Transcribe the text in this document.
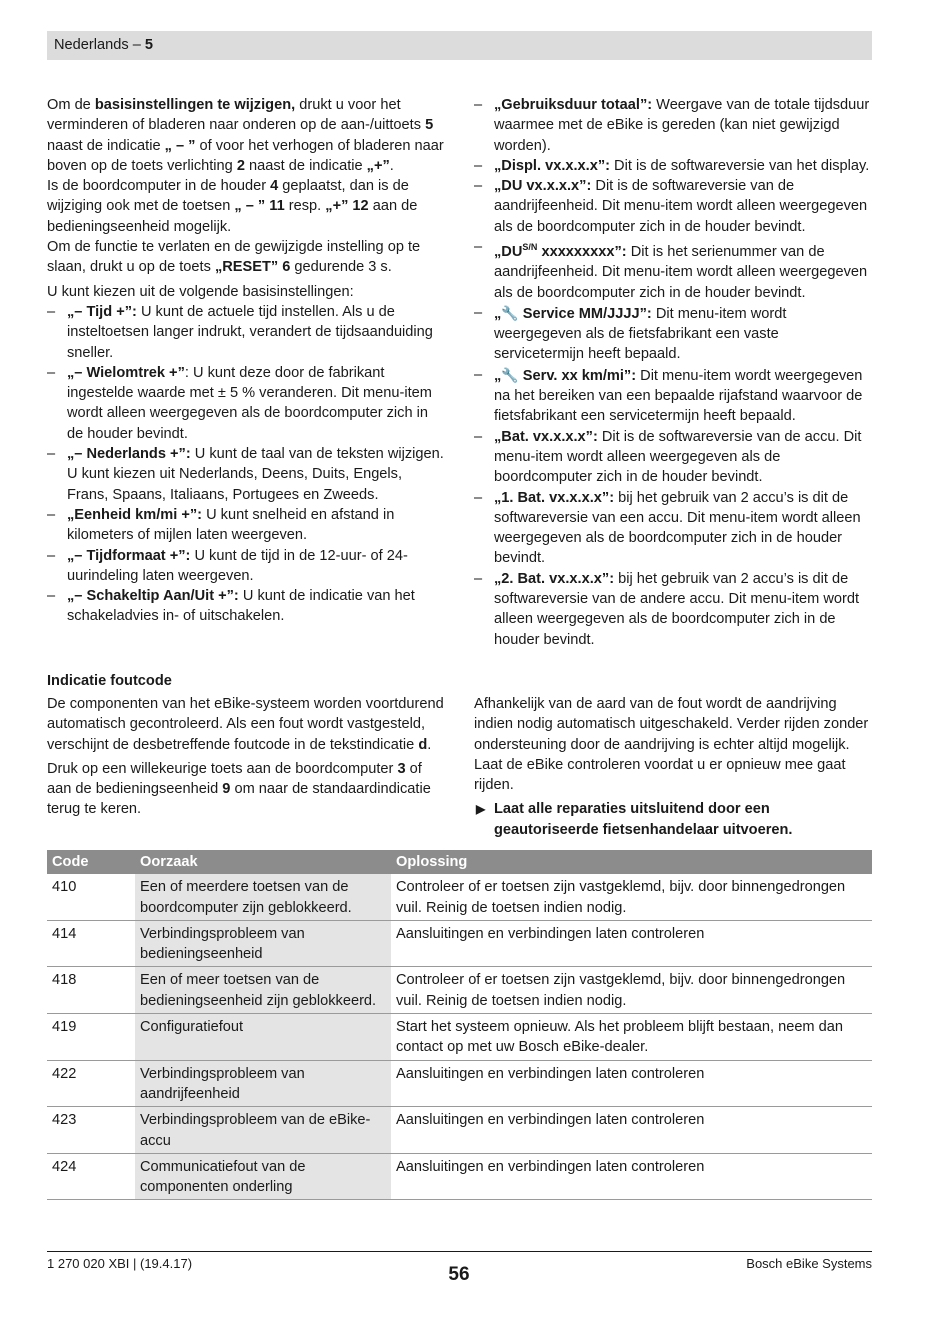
Nederlands – 5

Om de basisinstellingen te wijzigen, drukt u voor het verminderen of bladeren naar onderen op de aan-/uittoets 5 naast de indicatie „ – ” of voor het verhogen of bladeren naar boven op de toets verlichting 2 naast de indicatie „+”.

Is de boordcomputer in de houder 4 geplaatst, dan is de wijziging ook met de toetsen „ – ” 11 resp. „+” 12 aan de bedieningseenheid mogelijk.

Om de functie te verlaten en de gewijzigde instelling op te slaan, drukt u op de toets „RESET” 6 gedurende 3 s.

U kunt kiezen uit de volgende basisinstellingen:

– „– Tijd +”: U kunt de actuele tijd instellen. Als u de insteltoetsen langer indrukt, verandert de tijdsaanduiding sneller.

– „– Wielomtrek +”: U kunt deze door de fabrikant ingestelde waarde met ± 5 % veranderen. Dit menu-item wordt alleen weergegeven als de boordcomputer zich in de houder bevindt.

– „– Nederlands +”: U kunt de taal van de teksten wijzigen. U kunt kiezen uit Nederlands, Deens, Duits, Engels, Frans, Spaans, Italiaans, Portugees en Zweeds.

– „Eenheid km/mi +”: U kunt snelheid en afstand in kilometers of mijlen laten weergeven.

– „– Tijdformaat +”: U kunt de tijd in de 12-uur- of 24-uurindeling laten weergeven.

– „– Schakeltip Aan/Uit +”: U kunt de indicatie van het schakeladvies in- of uitschakelen.

– „Gebruiksduur totaal”: Weergave van de totale tijdsduur waarmee met de eBike is gereden (kan niet gewijzigd worden).

– „Displ. vx.x.x.x”: Dit is de softwareversie van het display.

– „DU vx.x.x.x”: Dit is de softwareversie van de aandrijfeenheid. Dit menu-item wordt alleen weergegeven als de boordcomputer zich in de houder bevindt.

– $„DU^{S/N}$ xxxxxxxxx”: Dit is het serienummer van de aandrijfeenheid. Dit menu-item wordt alleen weergegeven als de boordcomputer zich in de houder bevindt.

– „🔧 Service MM/JJJJ”: Dit menu-item wordt weergegeven als de fietsfabrikant een vaste servicetermijn heeft bepaald.

– „🔧 Serv. xx km/mi”: Dit menu-item wordt weergegeven na het bereiken van een bepaalde rijafstand waarvoor de fietsfabrikant een servicetermijn heeft bepaald.

– „Bat. vx.x.x.x”: Dit is de softwareversie van de accu. Dit menu-item wordt alleen weergegeven als de boordcomputer zich in de houder bevindt.

– „1. Bat. vx.x.x.x”: bij het gebruik van 2 accu’s is dit de softwareversie van een accu. Dit menu-item wordt alleen weergegeven als de boordcomputer zich in de houder bevindt.

– „2. Bat. vx.x.x.x”: bij het gebruik van 2 accu’s is dit de softwareversie van de andere accu. Dit menu-item wordt alleen weergegeven als de boordcomputer zich in de houder bevindt.

Indicatie foutcode

De componenten van het eBike-systeem worden voortdurend automatisch gecontroleerd. Als een fout wordt vastgesteld, verschijnt de desbetreffende foutcode in de tekstindicatie d.

Druk op een willekeurige toets aan de boordcomputer 3 of aan de bedieningseenheid 9 om naar de standaardindicatie terug te keren.

Afhankelijk van de aard van de fout wordt de aandrijving indien nodig automatisch uitgeschakeld. Verder rijden zonder ondersteuning door de aandrijving is echter altijd mogelijk. Laat de eBike controleren voordat u er opnieuw mee gaat rijden.

▶ Laat alle reparaties uitsluitend door een geautoriseerde fietsenhandelaar uitvoeren.
Code	Oorzaak	Oplossing
410	Een of meerdere toetsen van de boordcomputer zijn geblokkeerd.	Controleer of er toetsen zijn vastgeklemd, bijv. door binnengedrongen vuil. Reinig de toetsen indien nodig.
414	Verbindingsprobleem van bedieningseenheid	Aansluitingen en verbindingen laten controleren
418	Een of meer toetsen van de bedieningseenheid zijn geblokkeerd.	Controleer of er toetsen zijn vastgeklemd, bijv. door binnengedrongen vuil. Reinig de toetsen indien nodig.
419	Configuratiefout	Start het systeem opnieuw. Als het probleem blijft bestaan, neem dan contact op met uw Bosch eBike-dealer.
422	Verbindingsprobleem van aandrijfeenheid	Aansluitingen en verbindingen laten controleren
423	Verbindingsprobleem van de eBike-accu	Aansluitingen en verbindingen laten controleren
424	Communicatiefout van de componenten onderling	Aansluitingen en verbindingen laten controleren
1 270 020 XBI | (19.4.17)	Bosch eBike Systems
56
